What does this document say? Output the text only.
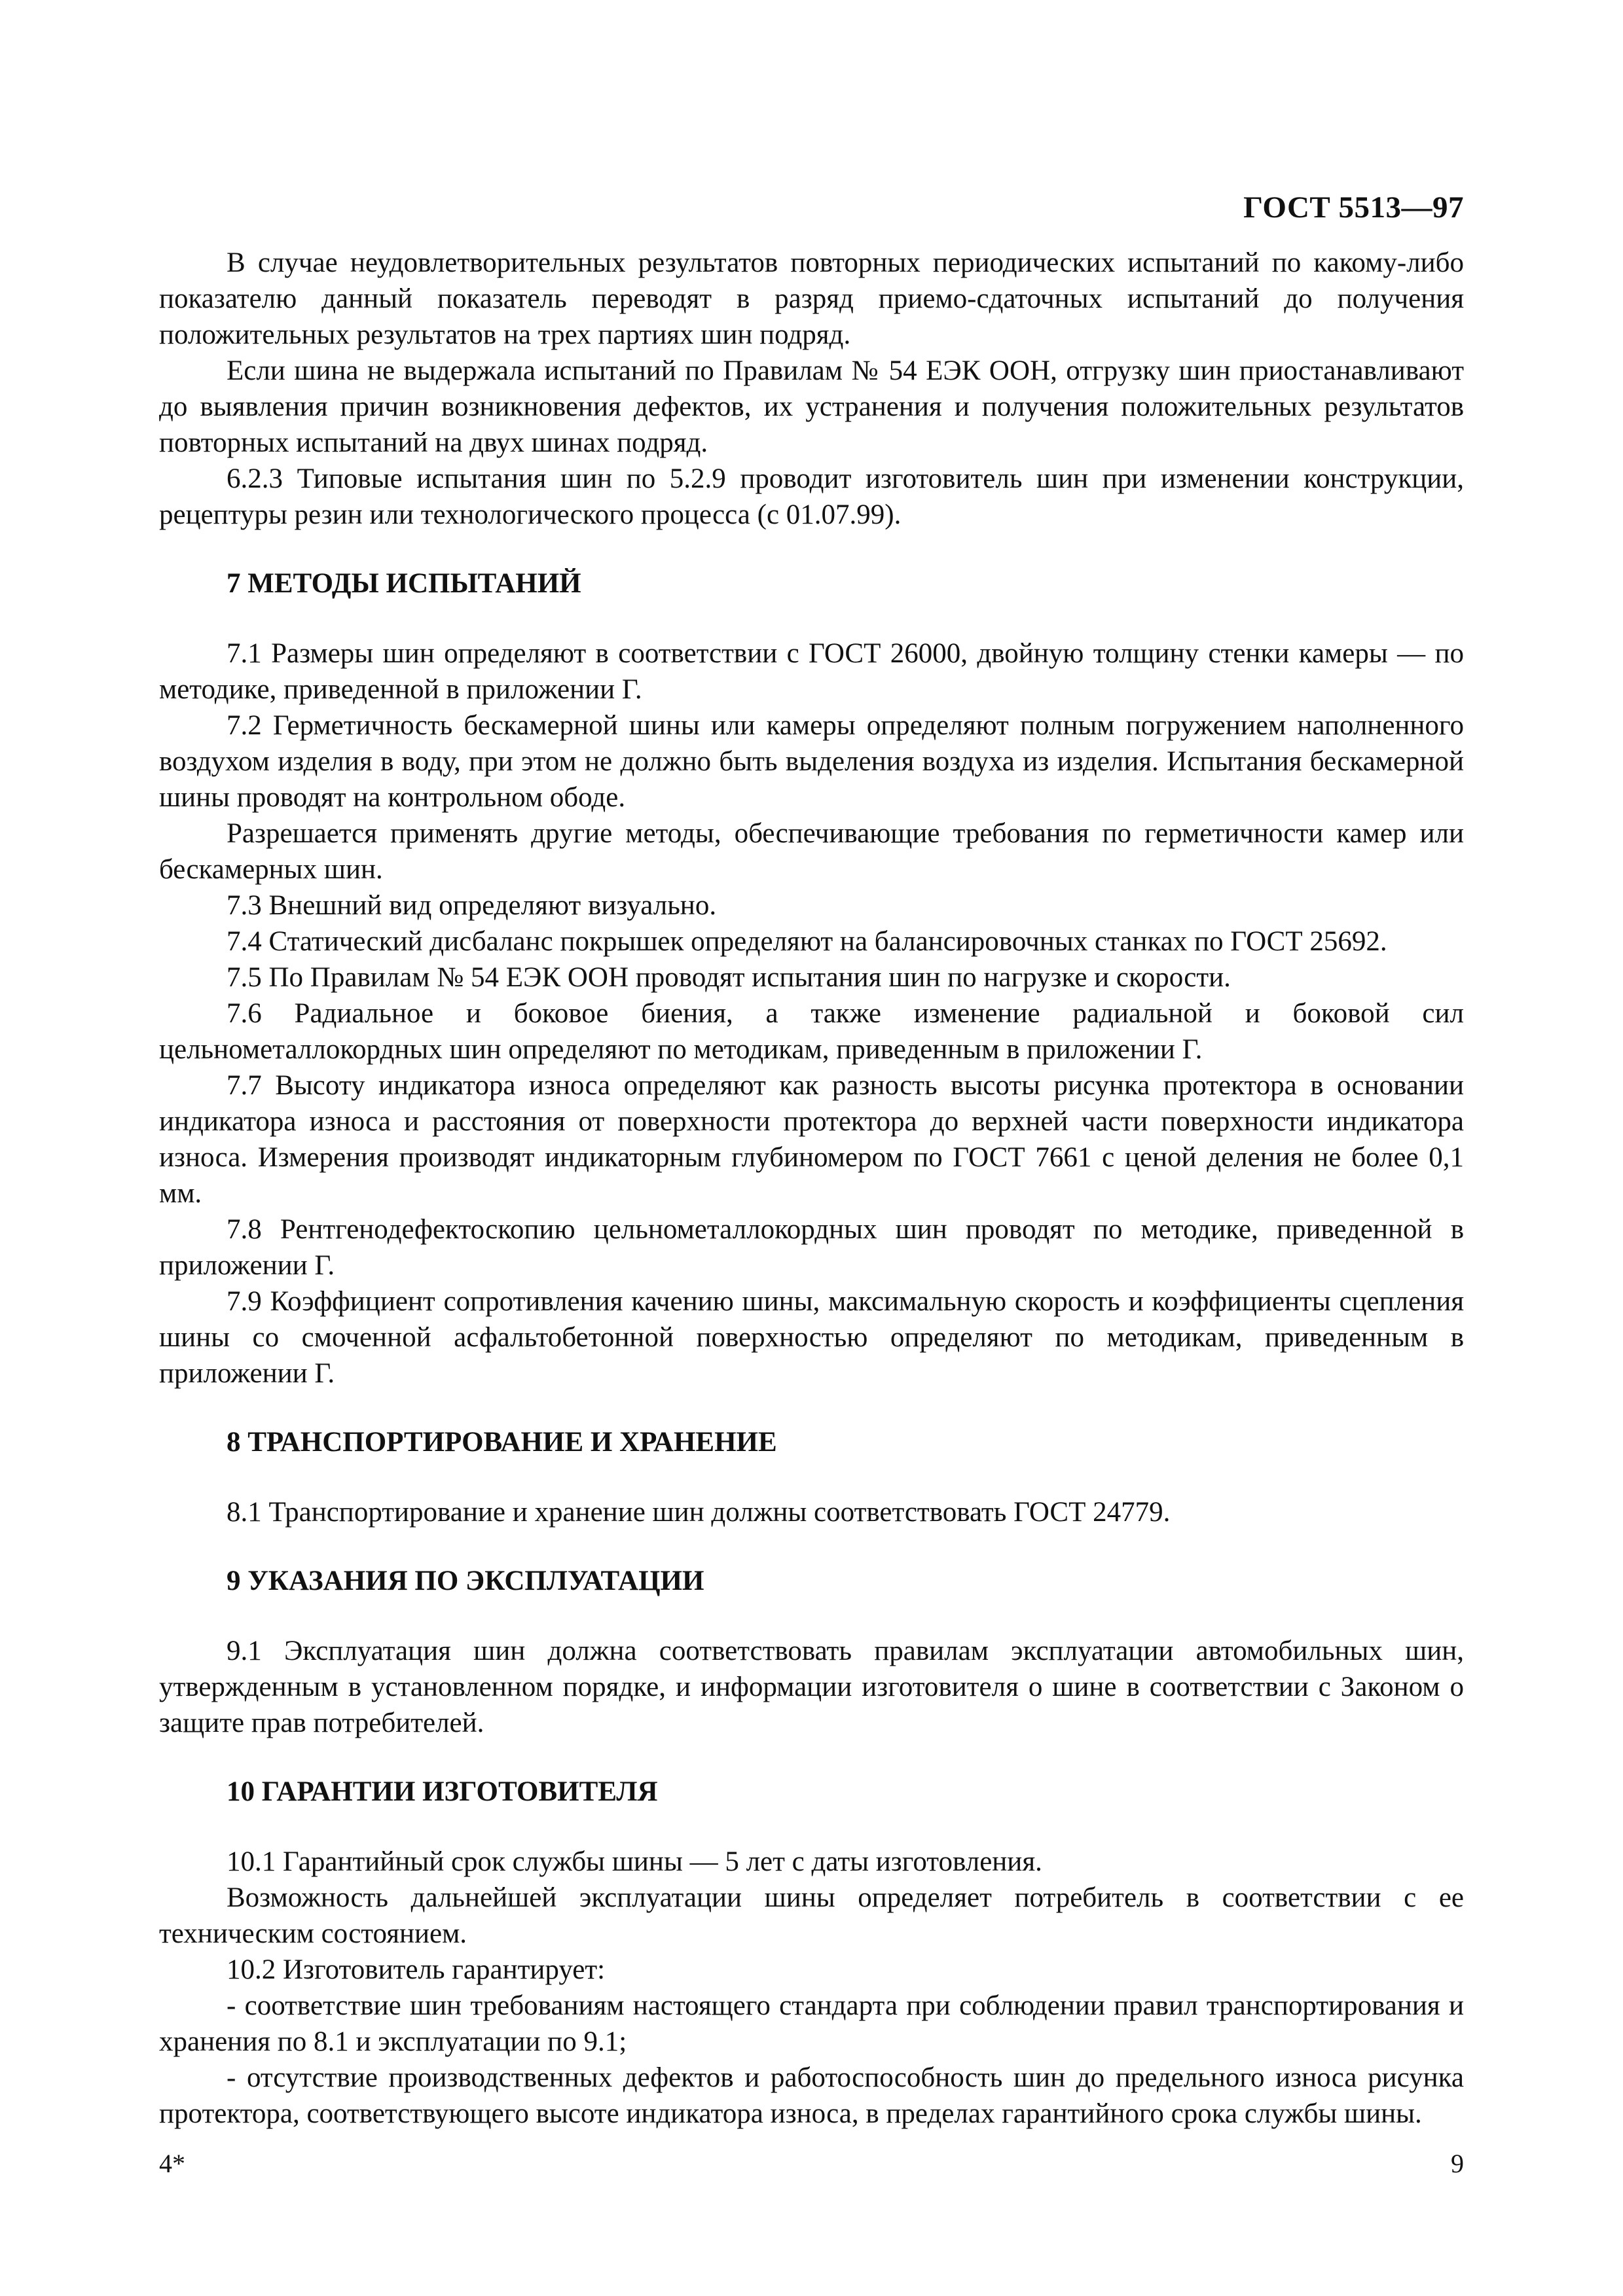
ГОСТ 5513—97

В случае неудовлетворительных результатов повторных периодических испытаний по какому-либо показателю данный показатель переводят в разряд приемо-сдаточных испытаний до получения положительных результатов на трех партиях шин подряд.

Если шина не выдержала испытаний по Правилам № 54 ЕЭК ООН, отгрузку шин приостанавливают до выявления причин возникновения дефектов, их устранения и получения положительных результатов повторных испытаний на двух шинах подряд.

6.2.3 Типовые испытания шин по 5.2.9 проводит изготовитель шин при изменении конструкции, рецептуры резин или технологического процесса (с 01.07.99).

7 МЕТОДЫ ИСПЫТАНИЙ

7.1 Размеры шин определяют в соответствии с ГОСТ 26000, двойную толщину стенки камеры — по методике, приведенной в приложении Г.

7.2 Герметичность бескамерной шины или камеры определяют полным погружением наполненного воздухом изделия в воду, при этом не должно быть выделения воздуха из изделия. Испытания бескамерной шины проводят на контрольном ободе.

Разрешается применять другие методы, обеспечивающие требования по герметичности камер или бескамерных шин.

7.3 Внешний вид определяют визуально.

7.4 Статический дисбаланс покрышек определяют на балансировочных станках по ГОСТ 25692.

7.5 По Правилам № 54 ЕЭК ООН проводят испытания шин по нагрузке и скорости.

7.6 Радиальное и боковое биения, а также изменение радиальной и боковой сил цельнометаллокордных шин определяют по методикам, приведенным в приложении Г.

7.7 Высоту индикатора износа определяют как разность высоты рисунка протектора в основании индикатора износа и расстояния от поверхности протектора до верхней части поверхности индикатора износа. Измерения производят индикаторным глубиномером по ГОСТ 7661 с ценой деления не более 0,1 мм.

7.8 Рентгенодефектоскопию цельнометаллокордных шин проводят по методике, приведенной в приложении Г.

7.9 Коэффициент сопротивления качению шины, максимальную скорость и коэффициенты сцепления шины со смоченной асфальтобетонной поверхностью определяют по методикам, приведенным в приложении Г.

8 ТРАНСПОРТИРОВАНИЕ И ХРАНЕНИЕ

8.1 Транспортирование и хранение шин должны соответствовать ГОСТ 24779.

9 УКАЗАНИЯ ПО ЭКСПЛУАТАЦИИ

9.1 Эксплуатация шин должна соответствовать правилам эксплуатации автомобильных шин, утвержденным в установленном порядке, и информации изготовителя о шине в соответствии с Законом о защите прав потребителей.

10 ГАРАНТИИ ИЗГОТОВИТЕЛЯ

10.1 Гарантийный срок службы шины — 5 лет с даты изготовления.

Возможность дальнейшей эксплуатации шины определяет потребитель в соответствии с ее техническим состоянием.

10.2 Изготовитель гарантирует:

- соответствие шин требованиям настоящего стандарта при соблюдении правил транспортирования и хранения по 8.1 и эксплуатации по 9.1;

- отсутствие производственных дефектов и работоспособность шин до предельного износа рисунка протектора, соответствующего высоте индикатора износа, в пределах гарантийного срока службы шины.

4*	9
